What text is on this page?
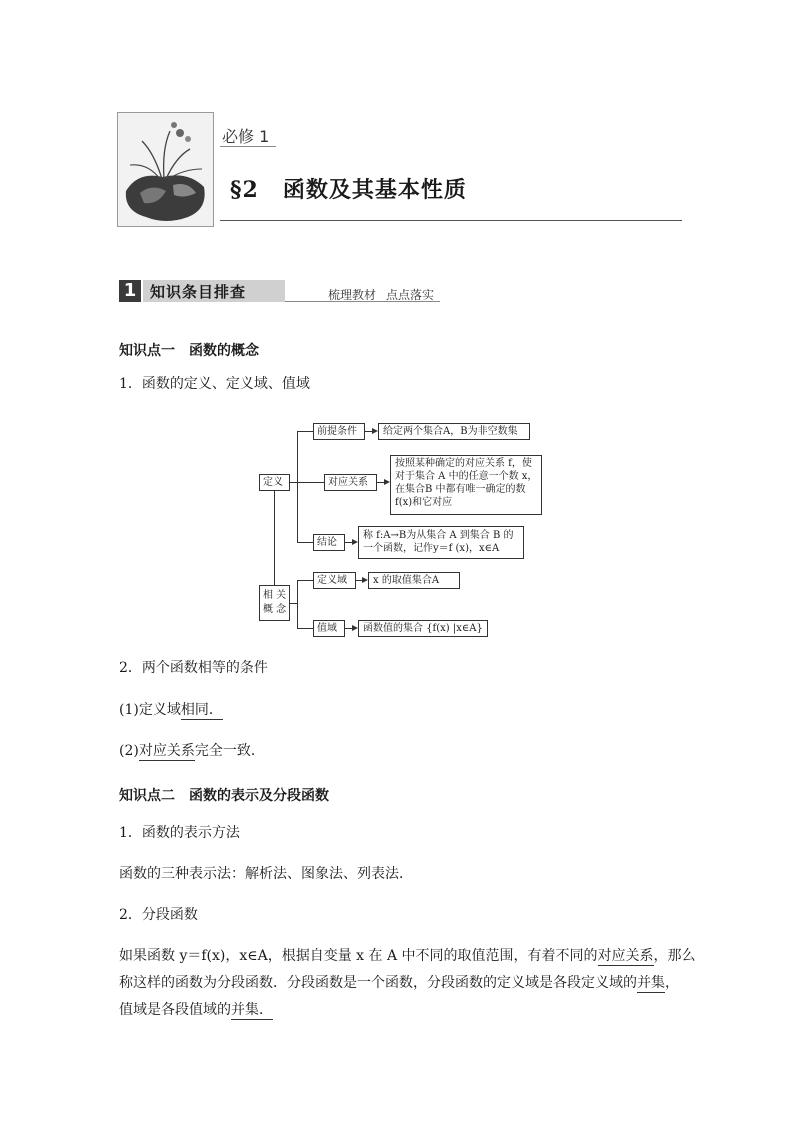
必修 1
§2 函数及其基本性质
1 知识条目排查	梳理教材 点点落实
知识点一　函数的概念
1．函数的定义、定义域、值域
定义
前提条件	给定两个集合A，B为非空数集
对应关系
按照某种确定的对应关系 f，使
对于集合 A 中的任意一个数 x，
在集合B 中都有唯一确定的数
f(x)和它对应
结论
称 f:A→B为从集合 A 到集合 B 的
一个函数，记作y＝f (x)，x∈A
相 关
概 念
定义域	x 的取值集合A
值域	函数值的集合 {f(x) |x∈A}
2．两个函数相等的条件
(1)定义域相同．
(2)对应关系完全一致．
知识点二　函数的表示及分段函数
1．函数的表示方法
函数的三种表示法：解析法、图象法、列表法．
2．分段函数
如果函数 y＝f(x)，x∈A，根据自变量 x 在 A 中不同的取值范围，有着不同的对应关系，那么
称这样的函数为分段函数．分段函数是一个函数，分段函数的定义域是各段定义域的并集，
值域是各段值域的并集．
